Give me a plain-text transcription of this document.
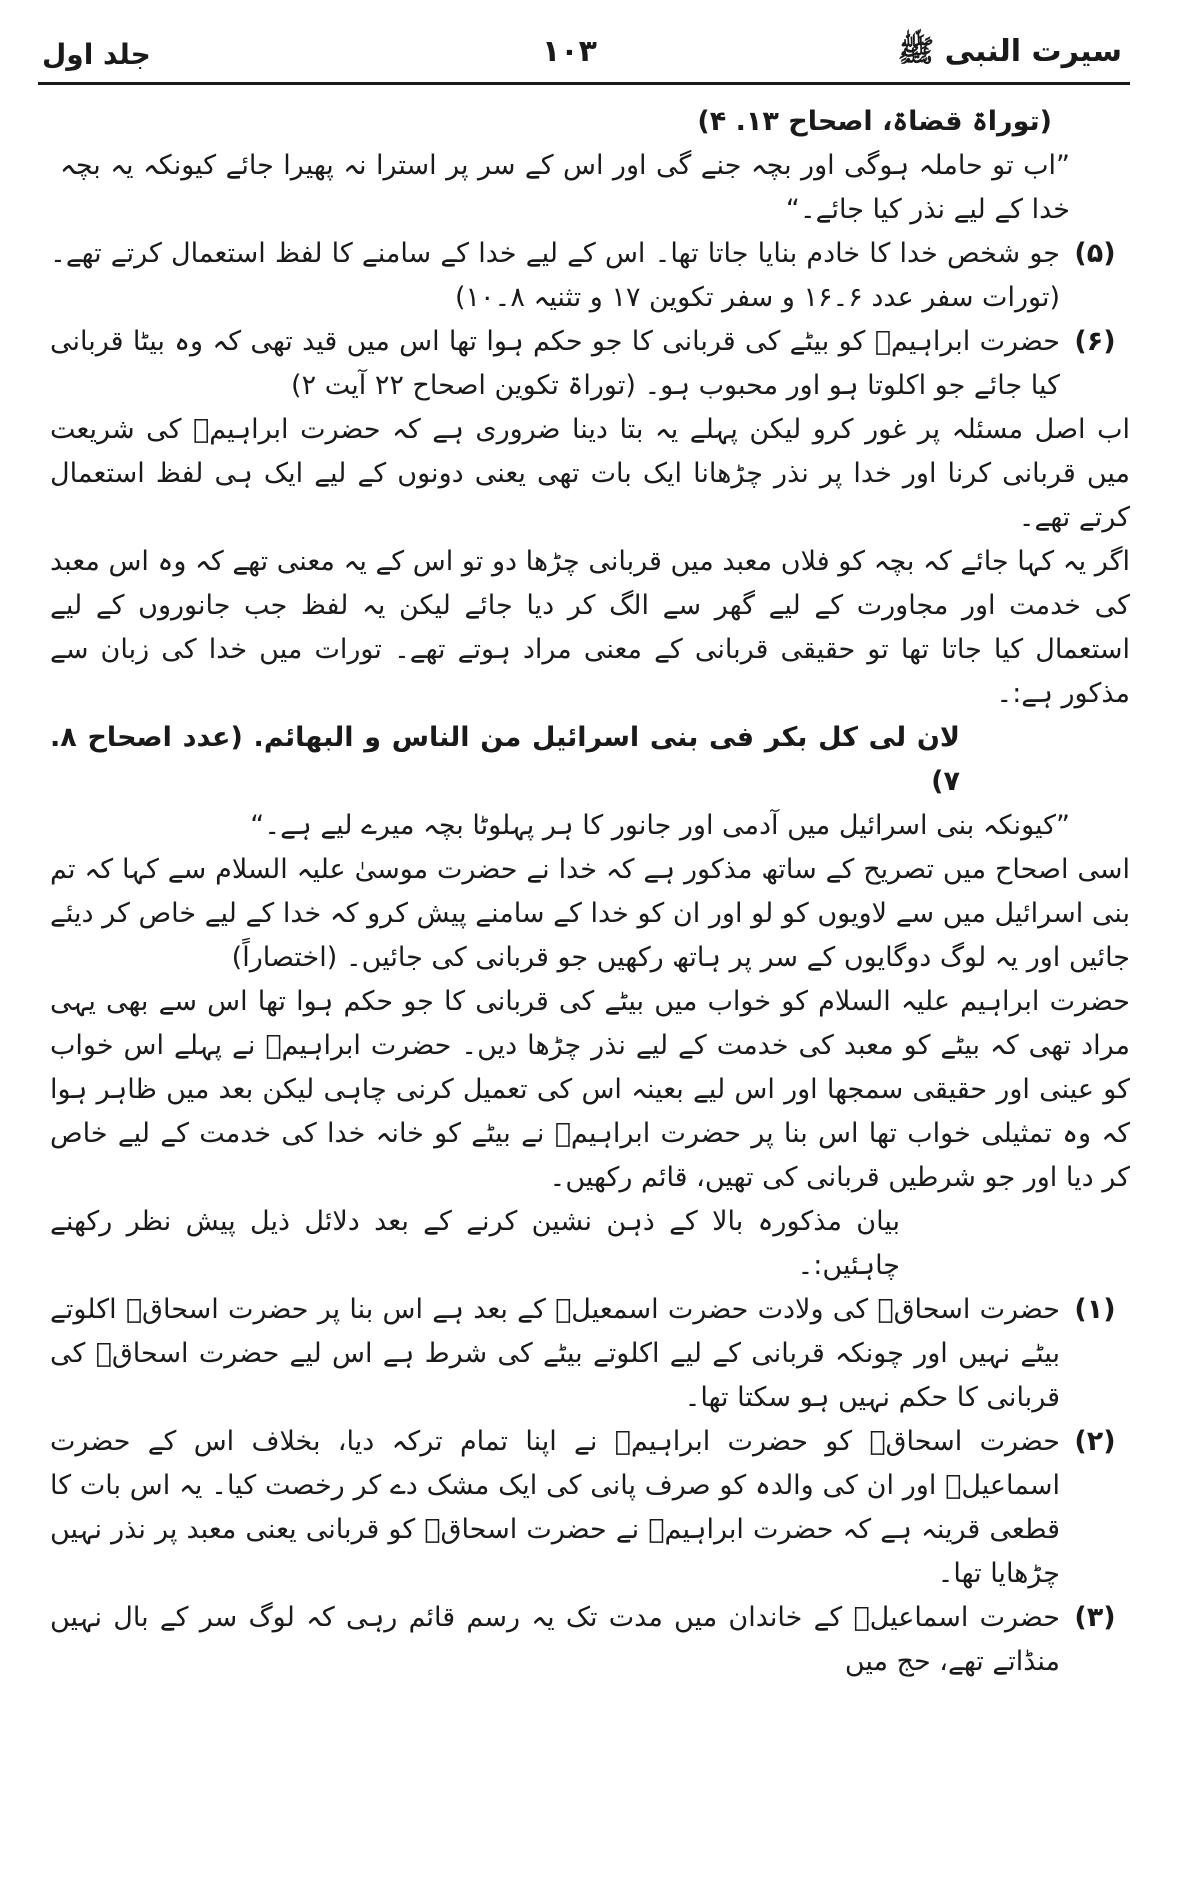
سیرت النبی ﷺ
۱۰۳
جلد اول

(توراۃ قضاۃ، اصحاح ۱۳. ۴)

”اب تو حاملہ ہوگی اور بچہ جنے گی اور اس کے سر پر استرا نہ پھیرا جائے کیونکہ یہ بچہ خدا کے لیے نذر کیا جائے۔“

(۵)
جو شخص خدا کا خادم بنایا جاتا تھا۔ اس کے لیے خدا کے سامنے کا لفظ استعمال کرتے تھے۔ (تورات سفر عدد ۶۔۱۶ و سفر تکوین ۱۷ و تثنیہ ۸۔۱۰)
(۶)
حضرت ابراہیمؑ کو بیٹے کی قربانی کا جو حکم ہوا تھا اس میں قید تھی کہ وہ بیٹا قربانی کیا جائے جو اکلوتا ہو اور محبوب ہو۔ (توراۃ تکوین اصحاح ۲۲ آیت ۲)

اب اصل مسئلہ پر غور کرو لیکن پہلے یہ بتا دینا ضروری ہے کہ حضرت ابراہیمؑ کی شریعت میں قربانی کرنا اور خدا پر نذر چڑھانا ایک بات تھی یعنی دونوں کے لیے ایک ہی لفظ استعمال کرتے تھے۔

اگر یہ کہا جائے کہ بچہ کو فلاں معبد میں قربانی چڑھا دو تو اس کے یہ معنی تھے کہ وہ اس معبد کی خدمت اور مجاورت کے لیے گھر سے الگ کر دیا جائے لیکن یہ لفظ جب جانوروں کے لیے استعمال کیا جاتا تھا تو حقیقی قربانی کے معنی مراد ہوتے تھے۔ تورات میں خدا کی زبان سے مذکور ہے:۔

لان لی کل بکر فی بنی اسرائیل من الناس و البھائم. (عدد اصحاح ۸. ۷)

”کیونکہ بنی اسرائیل میں آدمی اور جانور کا ہر پہلوٹا بچہ میرے لیے ہے۔“

اسی اصحاح میں تصریح کے ساتھ مذکور ہے کہ خدا نے حضرت موسیٰ علیہ السلام سے کہا کہ تم بنی اسرائیل میں سے لاویوں کو لو اور ان کو خدا کے سامنے پیش کرو کہ خدا کے لیے خاص کر دیئے جائیں اور یہ لوگ دوگایوں کے سر پر ہاتھ رکھیں جو قربانی کی جائیں۔ (اختصاراً)

حضرت ابراہیم علیہ السلام کو خواب میں بیٹے کی قربانی کا جو حکم ہوا تھا اس سے بھی یہی مراد تھی کہ بیٹے کو معبد کی خدمت کے لیے نذر چڑھا دیں۔ حضرت ابراہیمؑ نے پہلے اس خواب کو عینی اور حقیقی سمجھا اور اس لیے بعینہ اس کی تعمیل کرنی چاہی لیکن بعد میں ظاہر ہوا کہ وہ تمثیلی خواب تھا اس بنا پر حضرت ابراہیمؑ نے بیٹے کو خانہ خدا کی خدمت کے لیے خاص کر دیا اور جو شرطیں قربانی کی تھیں، قائم رکھیں۔

بیان مذکورہ بالا کے ذہن نشین کرنے کے بعد دلائل ذیل پیش نظر رکھنے چاہئیں:۔

(۱)
حضرت اسحاقؑ کی ولادت حضرت اسمعیلؑ کے بعد ہے اس بنا پر حضرت اسحاقؑ اکلوتے بیٹے نہیں اور چونکہ قربانی کے لیے اکلوتے بیٹے کی شرط ہے اس لیے حضرت اسحاقؑ کی قربانی کا حکم نہیں ہو سکتا تھا۔
(۲)
حضرت اسحاقؑ کو حضرت ابراہیمؑ نے اپنا تمام ترکہ دیا، بخلاف اس کے حضرت اسماعیلؑ اور ان کی والدہ کو صرف پانی کی ایک مشک دے کر رخصت کیا۔ یہ اس بات کا قطعی قرینہ ہے کہ حضرت ابراہیمؑ نے حضرت اسحاقؑ کو قربانی یعنی معبد پر نذر نہیں چڑھایا تھا۔
(۳)
حضرت اسماعیلؑ کے خاندان میں مدت تک یہ رسم قائم رہی کہ لوگ سر کے بال نہیں منڈاتے تھے، حج میں
